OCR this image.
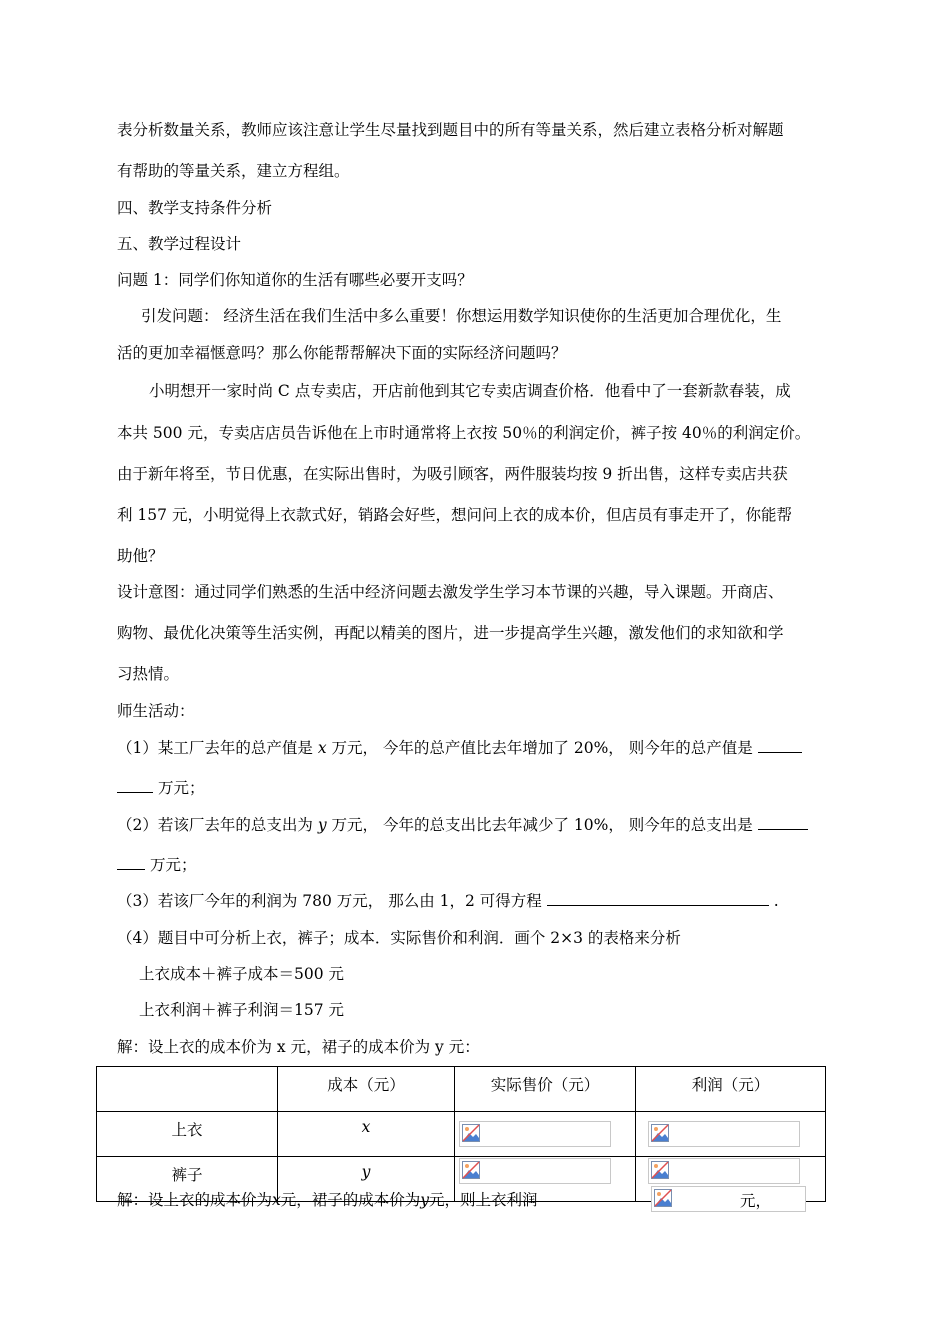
表分析数量关系，教师应该注意让学生尽量找到题目中的所有等量关系，然后建立表格分析对解题
有帮助的等量关系，建立方程组。
四、教学支持条件分析
五、教学过程设计
问题 1：同学们你知道你的生活有哪些必要开支吗？
引发问题： 经济生活在我们生活中多么重要！你想运用数学知识使你的生活更加合理优化，生
活的更加幸福惬意吗？那么你能帮帮解决下面的实际经济问题吗？
小明想开一家时尚 C 点专卖店，开店前他到其它专卖店调查价格．他看中了一套新款春装，成
本共 500 元，专卖店店员告诉他在上市时通常将上衣按 50％的利润定价，裤子按 40％的利润定价。
由于新年将至，节日优惠，在实际出售时，为吸引顾客，两件服装均按 9 折出售，这样专卖店共获
利 157 元，小明觉得上衣款式好，销路会好些，想问问上衣的成本价，但店员有事走开了，你能帮
助他？
设计意图：通过同学们熟悉的生活中经济问题去激发学生学习本节课的兴趣，导入课题。开商店、
购物、最优化决策等生活实例，再配以精美的图片，进一步提高学生兴趣，激发他们的求知欲和学
习热情。
师生活动：
（1）某工厂去年的总产值是 x 万元， 今年的总产值比去年增加了 20%， 则今年的总产值是
万元；
（2）若该厂去年的总支出为 y 万元， 今年的总支出比去年减少了 10%， 则今年的总支出是
万元；
（3）若该厂今年的利润为 780 万元， 那么由 1，2 可得方程	.
（4）题目中可分析上衣，裤子；成本．实际售价和利润．画个 2×3 的表格来分析
上衣成本＋裤子成本＝500 元
上衣利润＋裤子利润＝157 元
解：设上衣的成本价为 x 元，裙子的成本价为 y 元：
	成本（元）	实际售价（元）	利润（元）
上衣	x	

裤子	y	

解：设上衣的成本价为x元，裙子的成本价为y元，则上衣利润	元，
